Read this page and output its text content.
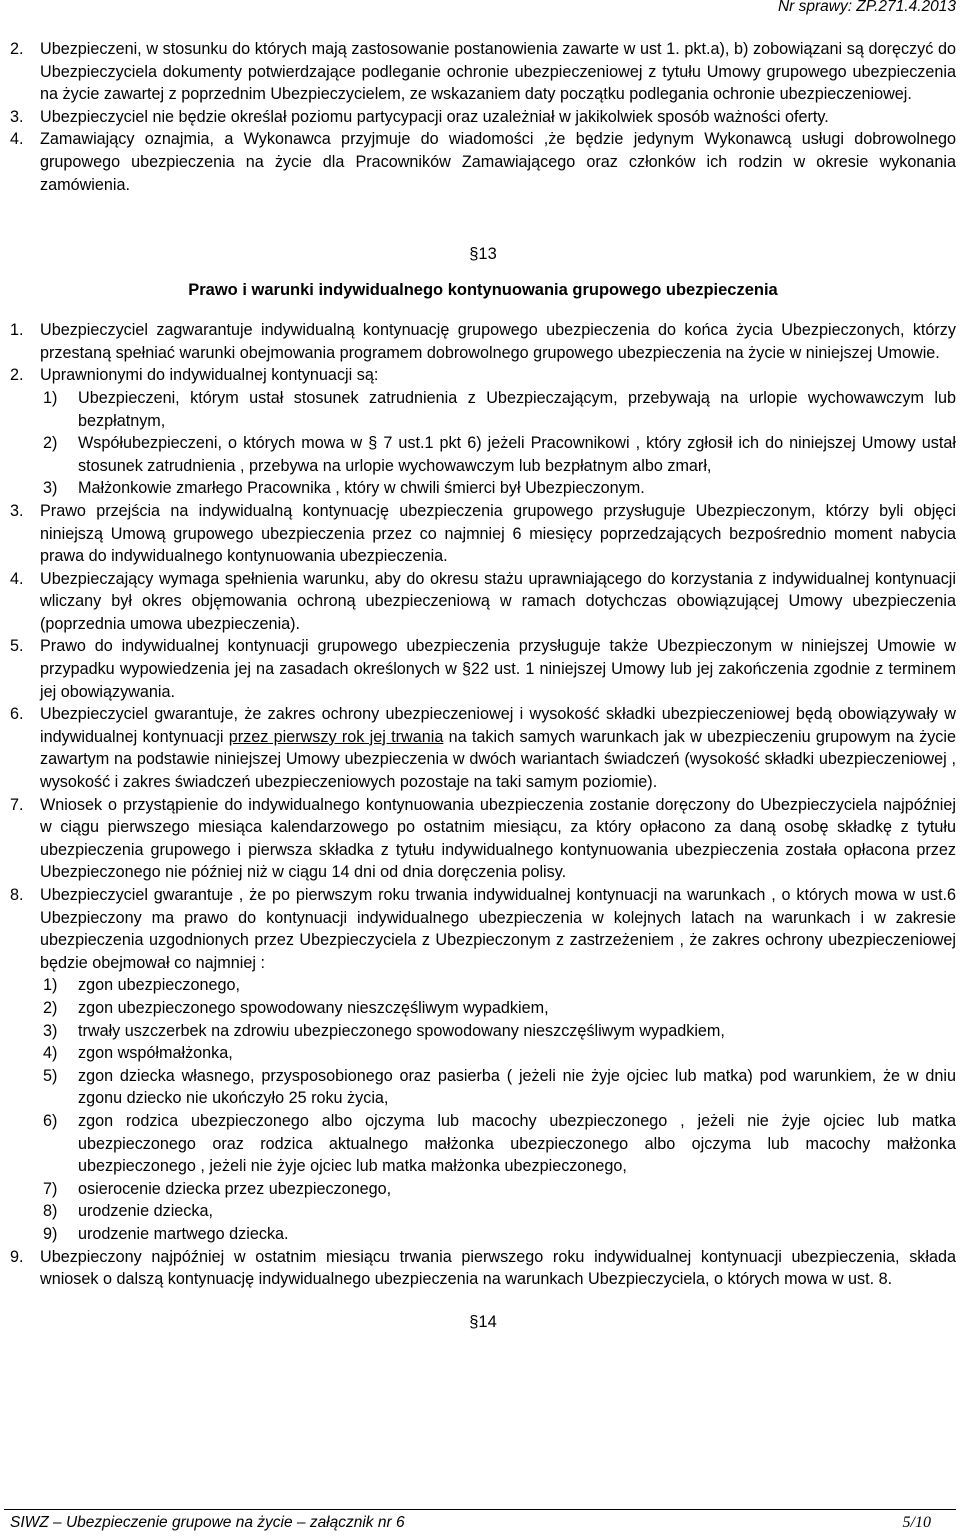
Nr sprawy: ZP.271.4.2013
2. Ubezpieczeni, w stosunku do których mają zastosowanie postanowienia zawarte w ust 1. pkt.a), b) zobowiązani są doręczyć do Ubezpieczyciela dokumenty potwierdzające podleganie ochronie ubezpieczeniowej z tytułu Umowy grupowego ubezpieczenia na życie zawartej z poprzednim Ubezpieczycielem, ze wskazaniem daty początku podlegania ochronie ubezpieczeniowej.
3. Ubezpieczyciel nie będzie określał poziomu partycypacji oraz uzależniał w jakikolwiek sposób ważności oferty.
4. Zamawiający oznajmia, a Wykonawca przyjmuje do wiadomości ,że będzie jedynym Wykonawcą usługi dobrowolnego grupowego ubezpieczenia na życie dla Pracowników Zamawiającego oraz członków ich rodzin w okresie wykonania zamówienia.
§13
Prawo i warunki indywidualnego kontynuowania grupowego ubezpieczenia
1. Ubezpieczyciel zagwarantuje indywidualną kontynuację grupowego ubezpieczenia do końca życia Ubezpieczonych, którzy przestaną spełniać warunki obejmowania programem dobrowolnego grupowego ubezpieczenia na życie w niniejszej Umowie.
2. Uprawnionymi do indywidualnej kontynuacji są:
1) Ubezpieczeni, którym ustał stosunek zatrudnienia z Ubezpieczającym, przebywają na urlopie wychowawczym lub bezpłatnym,
2) Współubezpieczeni, o których mowa w § 7 ust.1 pkt 6) jeżeli Pracownikowi , który zgłosił ich do niniejszej Umowy ustał stosunek zatrudnienia , przebywa na urlopie wychowawczym lub bezpłatnym albo zmarł,
3) Małżonkowie zmarłego Pracownika , który w chwili śmierci był Ubezpieczonym.
3. Prawo przejścia na indywidualną kontynuację ubezpieczenia grupowego przysługuje Ubezpieczonym, którzy byli objęci niniejszą Umową grupowego ubezpieczenia przez co najmniej 6 miesięcy poprzedzających bezpośrednio moment nabycia prawa do indywidualnego kontynuowania ubezpieczenia.
4. Ubezpieczający wymaga spełnienia warunku, aby do okresu stażu uprawniającego do korzystania z indywidualnej kontynuacji wliczany był okres objęmowania ochroną ubezpieczeniową w ramach dotychczas obowiązującej Umowy ubezpieczenia (poprzednia umowa ubezpieczenia).
5. Prawo do indywidualnej kontynuacji grupowego ubezpieczenia przysługuje także Ubezpieczonym w niniejszej Umowie w przypadku wypowiedzenia jej na zasadach określonych w §22 ust. 1 niniejszej Umowy lub jej zakończenia zgodnie z terminem jej obowiązywania.
6. Ubezpieczyciel gwarantuje, że zakres ochrony ubezpieczeniowej i wysokość składki ubezpieczeniowej będą obowiązywały w indywidualnej kontynuacji przez pierwszy rok jej trwania na takich samych warunkach jak w ubezpieczeniu grupowym na życie zawartym na podstawie niniejszej Umowy ubezpieczenia w dwóch wariantach świadczeń (wysokość składki ubezpieczeniowej , wysokość i zakres świadczeń ubezpieczeniowych pozostaje na taki samym poziomie).
7. Wniosek o przystąpienie do indywidualnego kontynuowania ubezpieczenia zostanie doręczony do Ubezpieczyciela najpóźniej w ciągu pierwszego miesiąca kalendarzowego po ostatnim miesiącu, za który opłacono za daną osobę składkę z tytułu ubezpieczenia grupowego i pierwsza składka z tytułu indywidualnego kontynuowania ubezpieczenia została opłacona przez Ubezpieczonego nie później niż w ciągu 14 dni od dnia doręczenia polisy.
8. Ubezpieczyciel gwarantuje , że po pierwszym roku trwania indywidualnej kontynuacji na warunkach , o których mowa w ust.6 Ubezpieczony ma prawo do kontynuacji indywidualnego ubezpieczenia w kolejnych latach na warunkach i w zakresie ubezpieczenia uzgodnionych przez Ubezpieczyciela z Ubezpieczonym z zastrzeżeniem , że zakres ochrony ubezpieczeniowej będzie obejmował co najmniej :
1) zgon ubezpieczonego,
2) zgon ubezpieczonego spowodowany nieszczęśliwym wypadkiem,
3) trwały uszczerbek na zdrowiu ubezpieczonego spowodowany nieszczęśliwym wypadkiem,
4) zgon współmałżonka,
5) zgon dziecka własnego, przysposobionego oraz pasierba ( jeżeli nie żyje ojciec lub matka) pod warunkiem, że w dniu zgonu dziecko nie ukończyło 25 roku życia,
6) zgon rodzica ubezpieczonego albo ojczyma lub macochy ubezpieczonego , jeżeli nie żyje ojciec lub matka ubezpieczonego oraz rodzica aktualnego małżonka ubezpieczonego albo ojczyma lub macochy małżonka ubezpieczonego , jeżeli nie żyje ojciec lub matka małżonka ubezpieczonego,
7) osierocenie dziecka przez ubezpieczonego,
8) urodzenie dziecka,
9) urodzenie martwego dziecka.
9. Ubezpieczony najpóźniej w ostatnim miesiącu trwania pierwszego roku indywidualnej kontynuacji ubezpieczenia, składa wniosek o dalszą kontynuację indywidualnego ubezpieczenia na warunkach Ubezpieczyciela, o których mowa w ust. 8.
§14
SIWZ – Ubezpieczenie grupowe na życie – załącznik nr 6	5/10
